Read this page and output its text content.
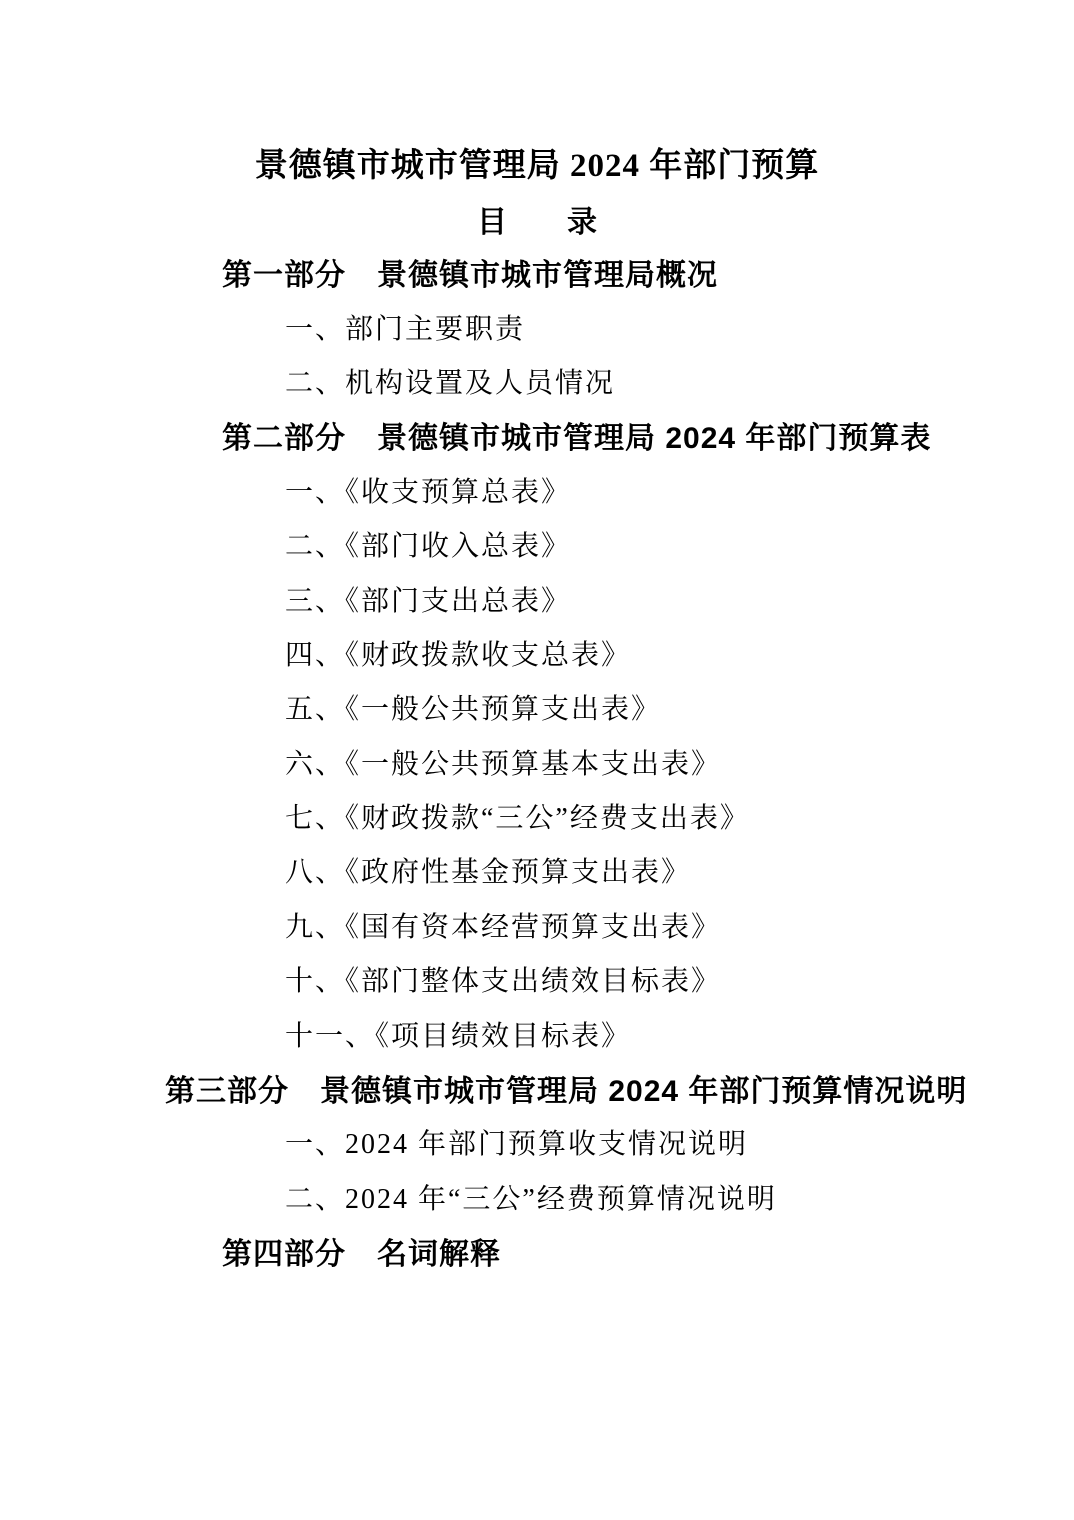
景德镇市城市管理局 2024 年部门预算
目　　录
第一部分　景德镇市城市管理局概况
一、部门主要职责
二、机构设置及人员情况
第二部分　景德镇市城市管理局 2024 年部门预算表
一、《收支预算总表》
二、《部门收入总表》
三、《部门支出总表》
四、《财政拨款收支总表》
五、《一般公共预算支出表》
六、《一般公共预算基本支出表》
七、《财政拨款“三公”经费支出表》
八、《政府性基金预算支出表》
九、《国有资本经营预算支出表》
十、《部门整体支出绩效目标表》
十一、《项目绩效目标表》
第三部分　景德镇市城市管理局 2024 年部门预算情况说明
一、2024 年部门预算收支情况说明
二、2024 年“三公”经费预算情况说明
第四部分　名词解释
